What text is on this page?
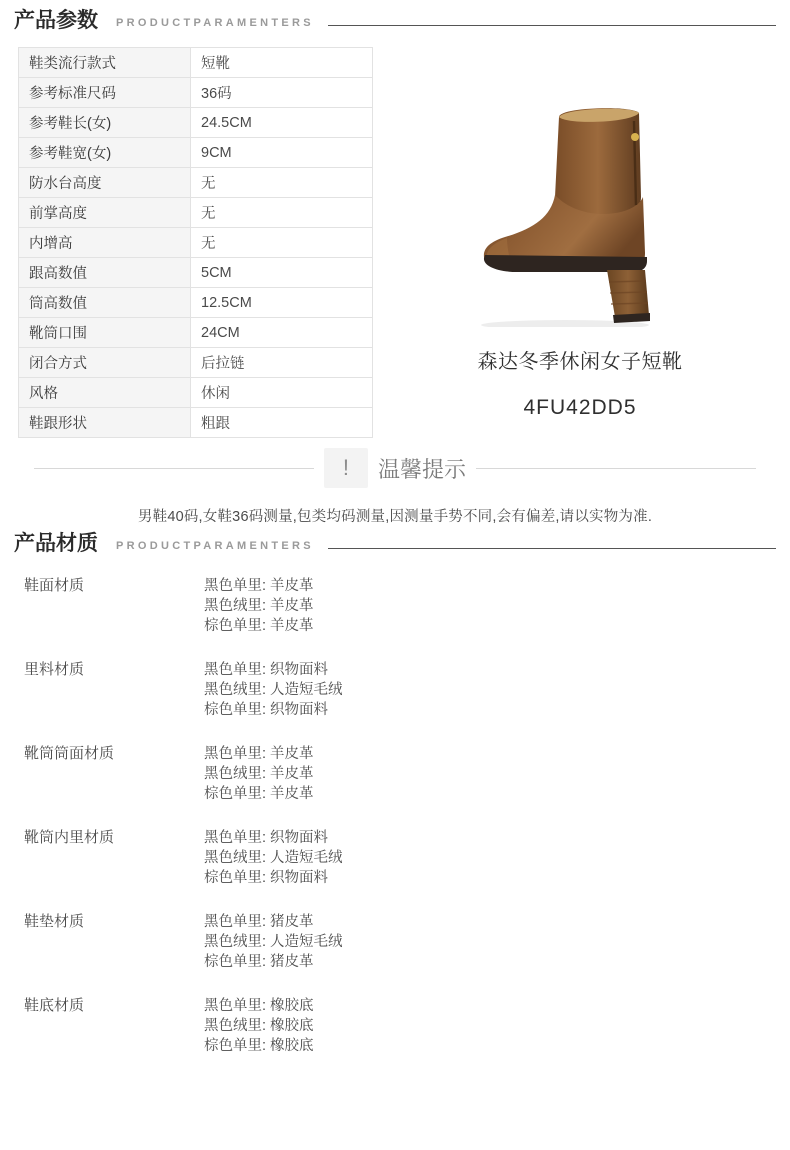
产品参数 PRODUCTPARAMENTERS
鞋类流行款式	短靴
参考标准尺码	36码
参考鞋长(女)	24.5CM
参考鞋宽(女)	9CM
防水台高度	无
前掌高度	无
内增高	无
跟高数值	5CM
筒高数值	12.5CM
靴筒口围	24CM
闭合方式	后拉链
风格	休闲
鞋跟形状	粗跟
森达冬季休闲女子短靴
4FU42DD5
!	温馨提示
男鞋40码,女鞋36码测量,包类均码测量,因测量手势不同,会有偏差,请以实物为准.
产品材质 PRODUCTPARAMENTERS
鞋面材质	黑色单里: 羊皮革
黑色绒里: 羊皮革
棕色单里: 羊皮革
里料材质	黑色单里: 织物面料
黑色绒里: 人造短毛绒
棕色单里: 织物面料
靴筒筒面材质	黑色单里: 羊皮革
黑色绒里: 羊皮革
棕色单里: 羊皮革
靴筒内里材质	黑色单里: 织物面料
黑色绒里: 人造短毛绒
棕色单里: 织物面料
鞋垫材质	黑色单里: 猪皮革
黑色绒里: 人造短毛绒
棕色单里: 猪皮革
鞋底材质	黑色单里: 橡胶底
黑色绒里: 橡胶底
棕色单里: 橡胶底
